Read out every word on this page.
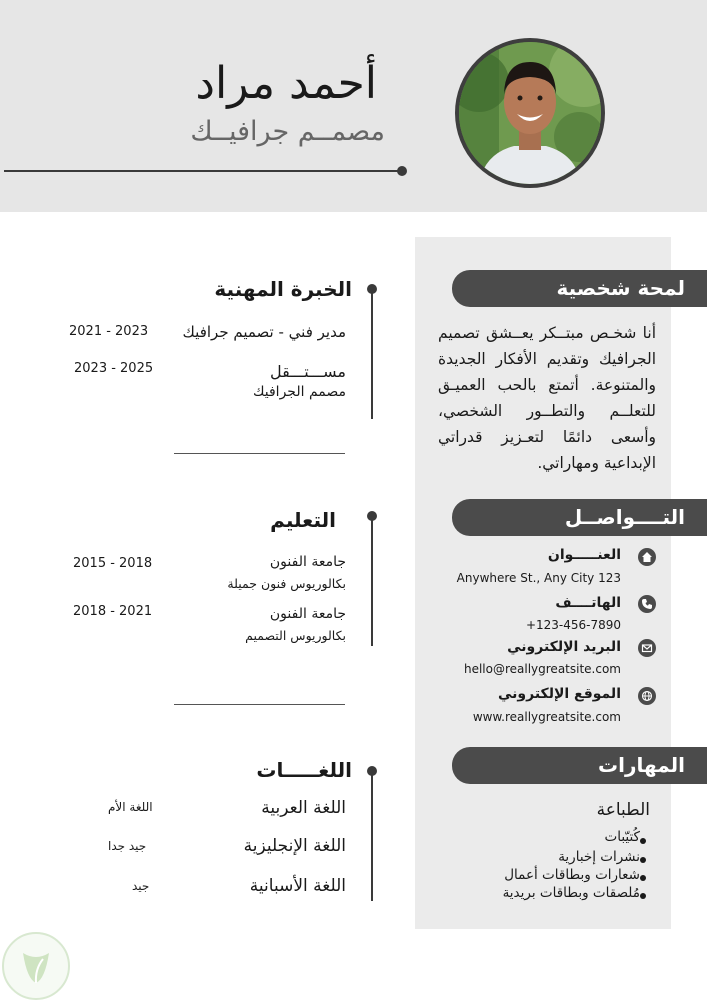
أحمد مراد
مصمــم جرافيــك
لمحة شخصية
أنا شخـص مبتــكر يعــشق تصميم الجرافيك وتقديم الأفكار الجديدة والمتنوعة. أتمتع بالحب العميـق للتعلــم والتطــور الشخصي، وأسعى دائمًا لتعـزيز قدراتي الإبداعية ومهاراتي.
التــــواصــل
العنـــــوان
Anywhere St., Any City 123
الهاتــــف
+123-456-7890
البريد الإلكتروني
hello@reallygreatsite.com
الموقع الإلكتروني
www.reallygreatsite.com
المهارات
الطباعة
كُتيّبات
نشرات إخبارية
شعارات وبطاقات أعمال
مُلصقات وبطاقات بريدية
الخبرة المهنية
مدير فني - تصميم جرافيك
2021 - 2023
مســـتـــقل
مصمم الجرافيك
2023 - 2025
التعليم
جامعة الفنون
بكالوريوس فنون جميلة
2015 - 2018
جامعة الفنون
بكالوريوس التصميم
2018 - 2021
اللغـــــات
اللغة العربية
اللغة الأم
اللغة الإنجليزية
جيد جدا
اللغة الأسبانية
جيد
